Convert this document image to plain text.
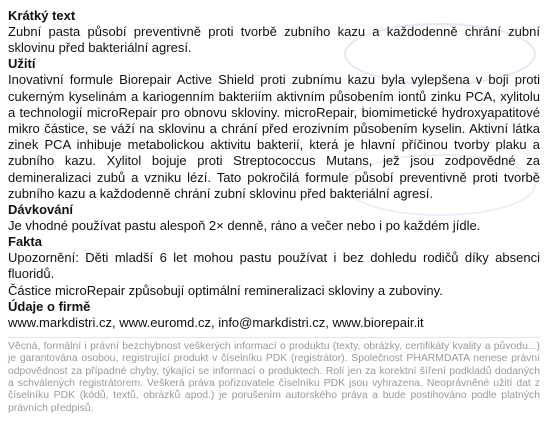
Krátký text

Zubní pasta působí preventivně proti tvorbě zubního kazu a každodenně chrání zubní sklovinu před bakteriální agresí.

Užití

Inovativní formule Biorepair Active Shield proti zubnímu kazu byla vylepšena v boji proti cukerným kyselinám a kariogenním bakteriím aktivním působením iontů zinku PCA, xylitolu a technologií microRepair pro obnovu skloviny. microRepair, biomimetické hydroxyapatitové mikro částice, se váží na sklovinu a chrání před erozivním působením kyselin. Aktivní látka zinek PCA inhibuje metabolickou aktivitu bakterií, která je hlavní příčinou tvorby plaku a zubního kazu. Xylitol bojuje proti Streptococcus Mutans, jež jsou zodpovědné za demineralizaci zubů a vzniku lézí. Tato pokročilá formule působí preventivně proti tvorbě zubního kazu a každodenně chrání zubní sklovinu před bakteriální agresí.

Dávkování

Je vhodné používat pastu alespoň 2× denně, ráno a večer nebo i po každém jídle.

Fakta

Upozornění: Děti mladší 6 let mohou pastu používat i bez dohledu rodičů díky absenci fluoridů.

Částice microRepair způsobují optimální remineralizaci skloviny a zuboviny.

Údaje o firmě

www.markdistri.cz, www.euromd.cz, info@markdistri.cz, www.biorepair.it

Věcná, formální i právní bezchybnost veškerých informací o produktu (texty, obrázky, certifikáty kvality a původu...) je garantována osobou, registrující produkt v číselníku PDK (registrátor). Společnost PHARMDATA nenese právní odpovědnost za případné chyby, týkající se informací o produktech. Rolí jen za korektní šíření podkladů dodaných a schválených registrátorem. Veškerá práva pořizovatele číselníku PDK jsou vyhrazena. Neoprávněné užití dat z číselníku PDK (kódů, textů, obrázků apod.) je porušením autorského práva a bude postihováno podle platných právních předpisů.
